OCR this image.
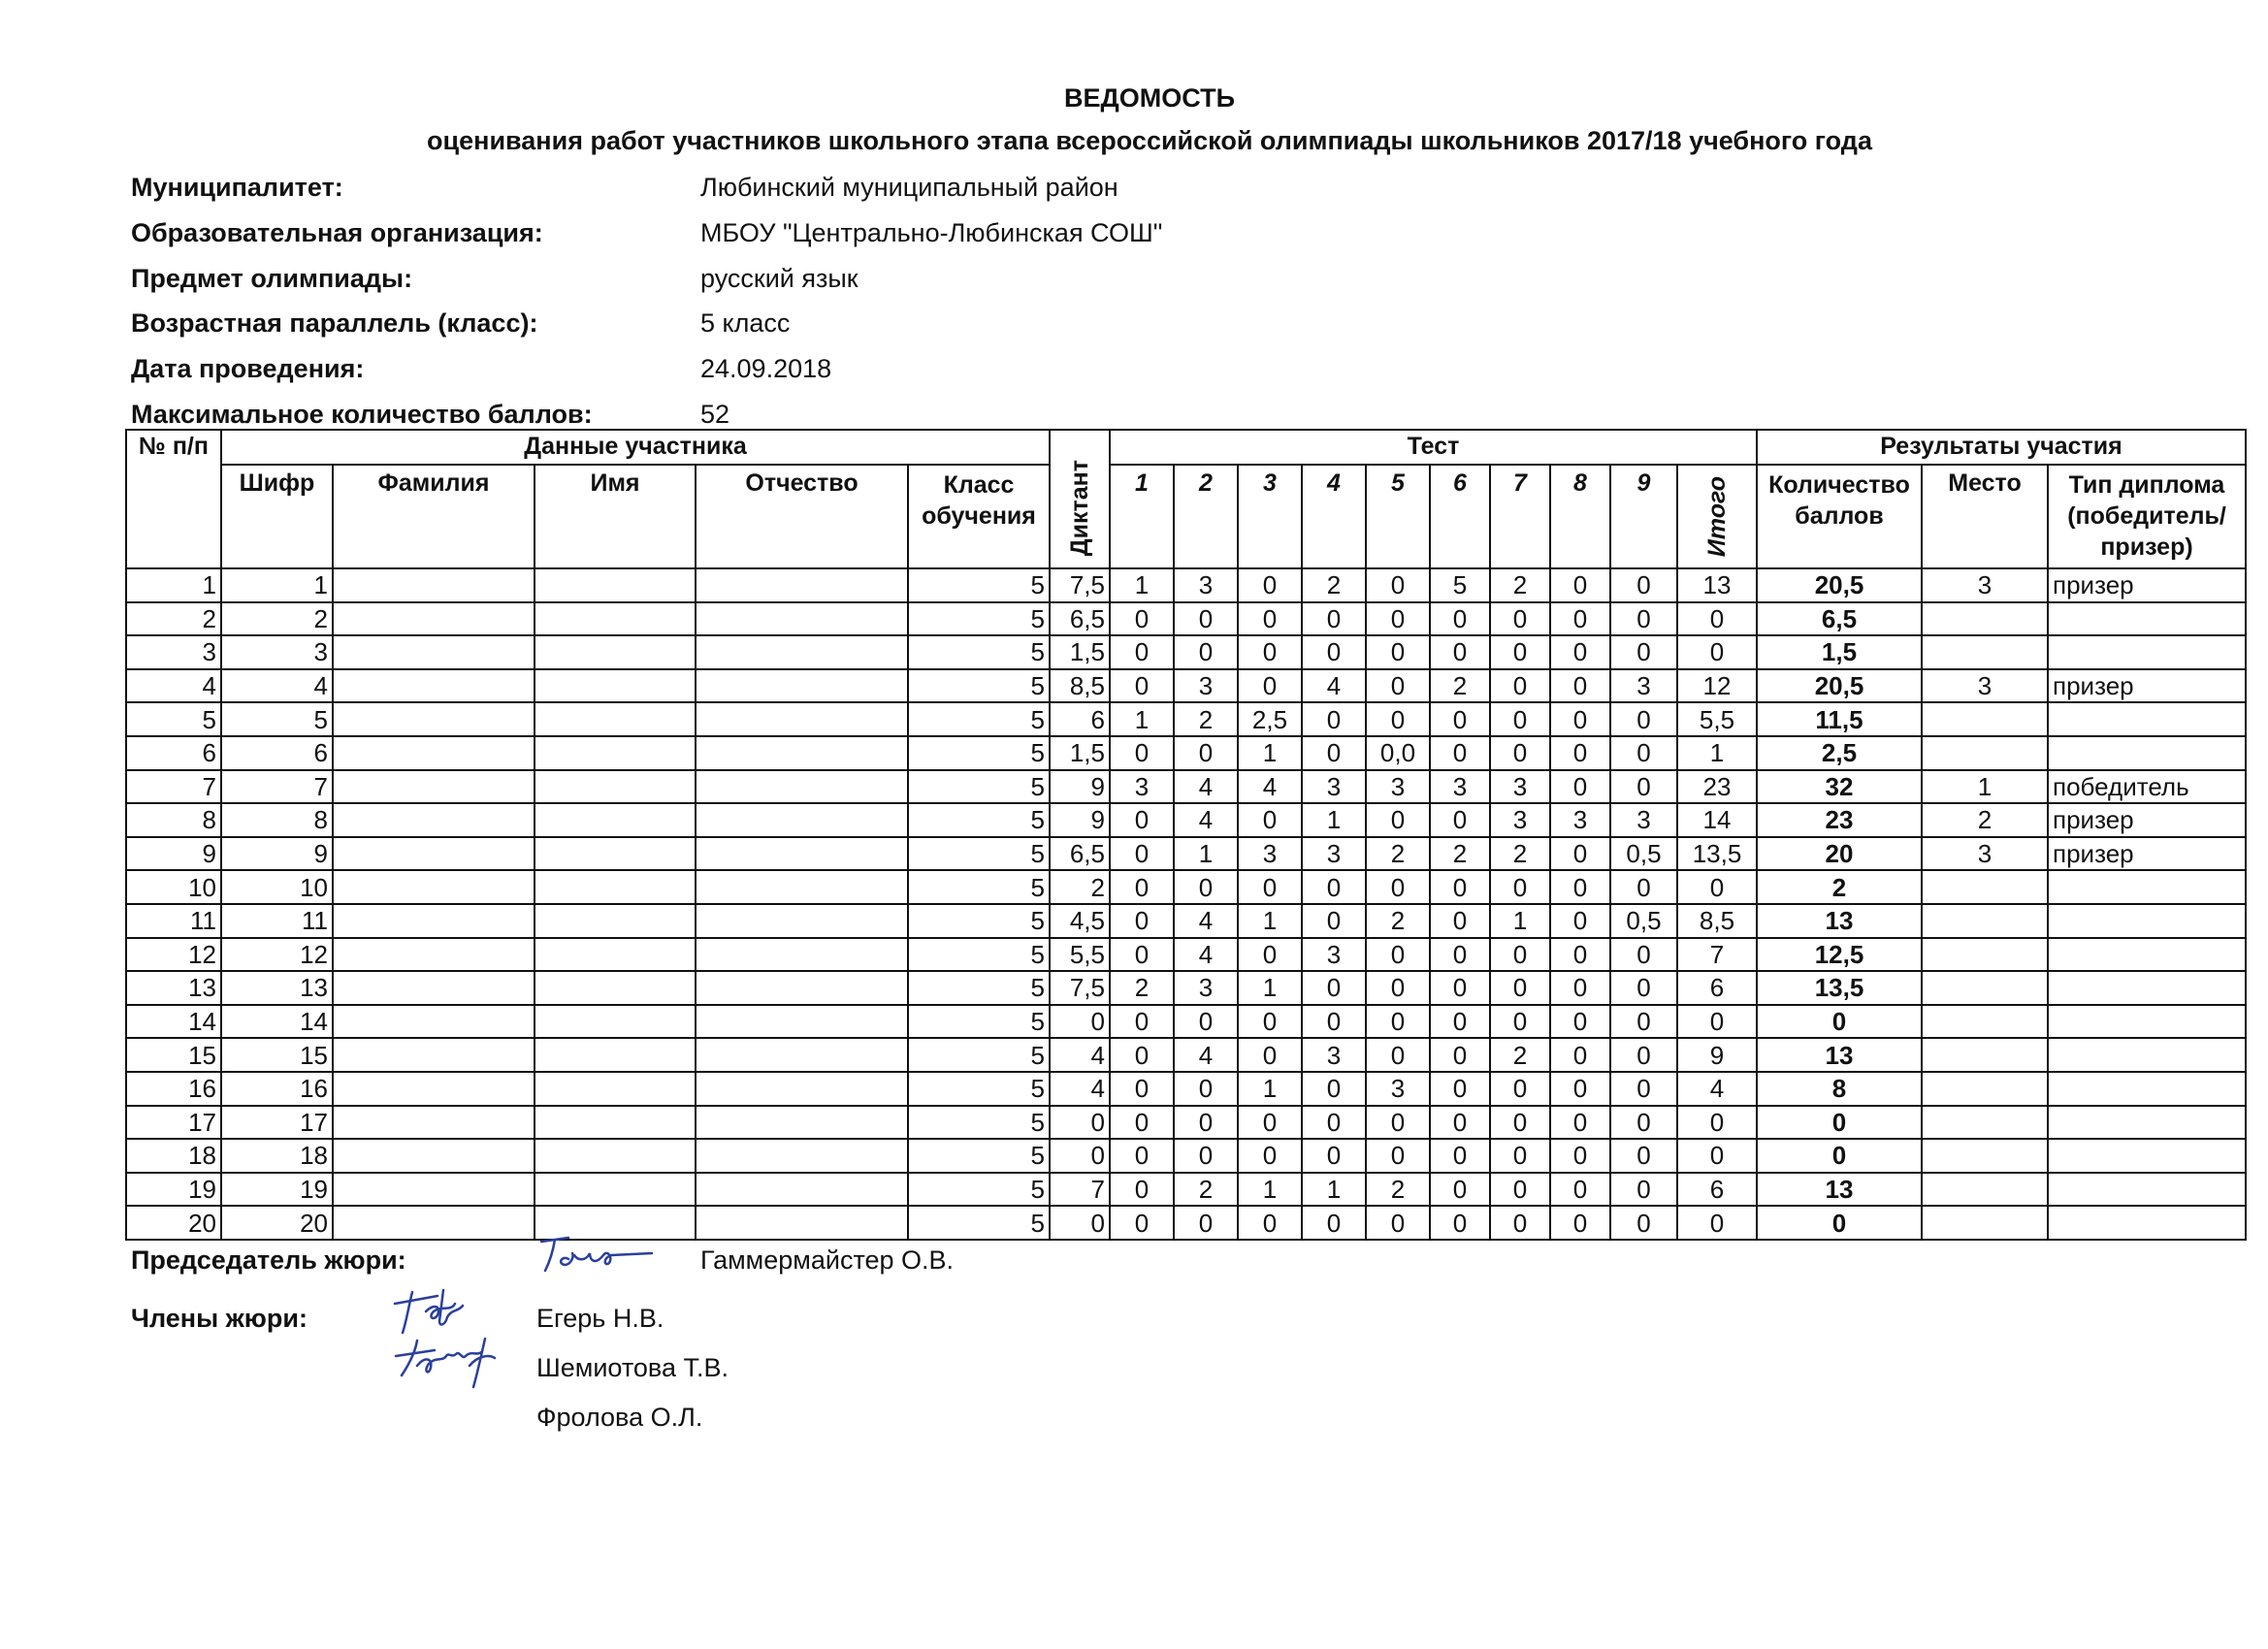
ВЕДОМОСТЬ
оценивания работ участников школьного этапа всероссийской олимпиады школьников 2017/18 учебного года
Муниципалитет:	Любинский муниципальный район
Образовательная организация:	МБОУ "Центрально-Любинская СОШ"
Предмет олимпиады:	русский язык
Возрастная параллель (класс):	5 класс
Дата проведения:	24.09.2018
Максимальное количество баллов:	52
№ п/п	Данные участника					Диктант	Тест										Результаты участия		
	Шифр	Фамилия	Имя	Отчество	Класс обучения		1	2	3	4	5	6	7	8	9	Итого	Количество баллов	Место	Тип диплома (победитель/ призер)
1	1				5	7,5	1	3	0	2	0	5	2	0	0	13	20,5	3	призер
2	2				5	6,5	0	0	0	0	0	0	0	0	0	0	6,5		
3	3				5	1,5	0	0	0	0	0	0	0	0	0	0	1,5		
4	4				5	8,5	0	3	0	4	0	2	0	0	3	12	20,5	3	призер
5	5				5	6	1	2	2,5	0	0	0	0	0	0	5,5	11,5		
6	6				5	1,5	0	0	1	0	0,0	0	0	0	0	1	2,5		
7	7				5	9	3	4	4	3	3	3	3	0	0	23	32	1	победитель
8	8				5	9	0	4	0	1	0	0	3	3	3	14	23	2	призер
9	9				5	6,5	0	1	3	3	2	2	2	0	0,5	13,5	20	3	призер
10	10				5	2	0	0	0	0	0	0	0	0	0	0	2		
11	11				5	4,5	0	4	1	0	2	0	1	0	0,5	8,5	13		
12	12				5	5,5	0	4	0	3	0	0	0	0	0	7	12,5		
13	13				5	7,5	2	3	1	0	0	0	0	0	0	6	13,5		
14	14				5	0	0	0	0	0	0	0	0	0	0	0	0		
15	15				5	4	0	4	0	3	0	0	2	0	0	9	13		
16	16				5	4	0	0	1	0	3	0	0	0	0	4	8		
17	17				5	0	0	0	0	0	0	0	0	0	0	0	0		
18	18				5	0	0	0	0	0	0	0	0	0	0	0	0		
19	19				5	7	0	2	1	1	2	0	0	0	0	6	13		
20	20				5	0	0	0	0	0	0	0	0	0	0	0	0		
Председатель жюри:	Гаммермайстер О.В.
Члены жюри:	Егерь Н.В.
Шемиотова Т.В.
Фролова О.Л.
